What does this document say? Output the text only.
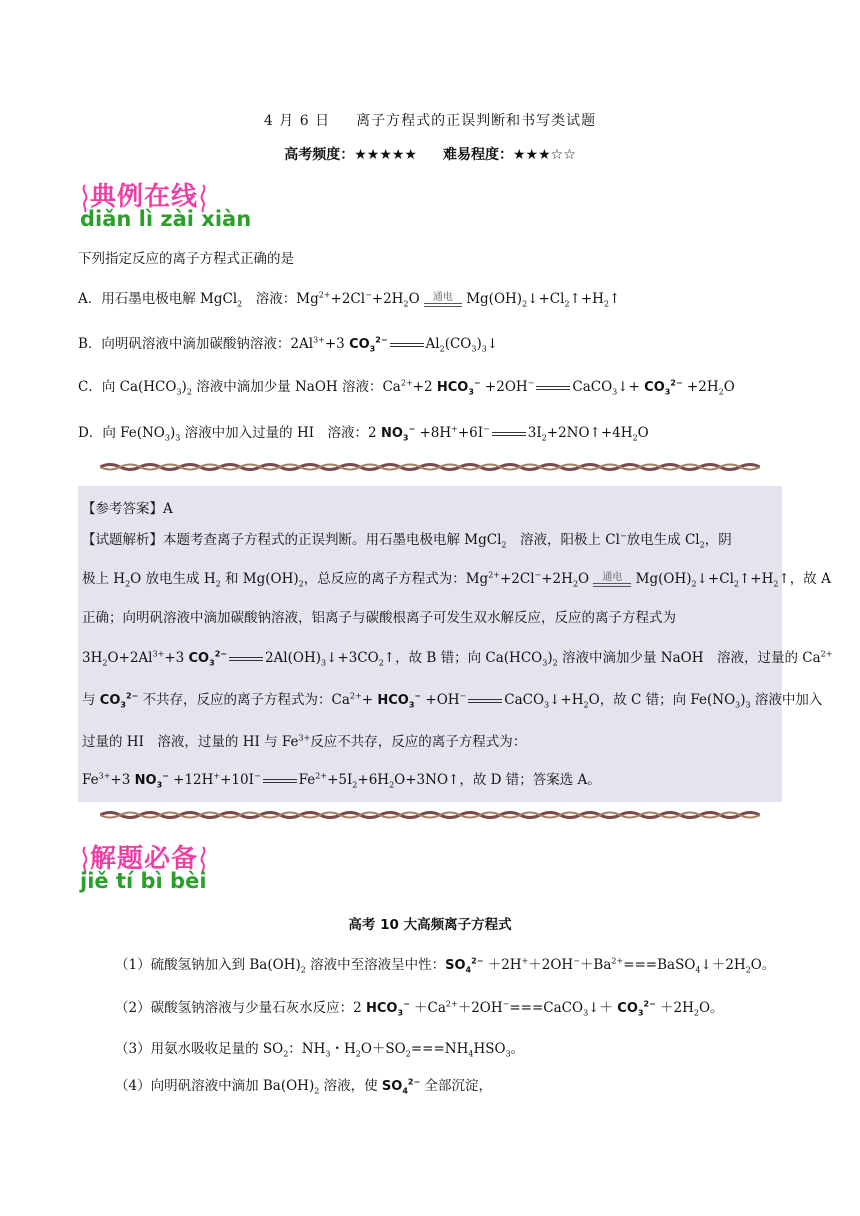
4 月 6 日 离子方程式的正误判断和书写类试题
高考频度：★★★★★ 难易程度：★★★☆☆
典例在线
diǎn lì zài xiàn
下列指定反应的离子方程式正确的是
A．用石墨电极电解 MgCl$_2$　溶液：$Mg^{2+}+2Cl^-+2H_2O$ 通电 $Mg(OH)_2↓+Cl_2↑+H_2↑$
B．向明矾溶液中滴加碳酸钠溶液：$2Al^{3+}+3$ $CO_3^{2-}$	$Al_2(CO_3)_3↓$
C．向 $Ca(HCO_3)_2$ 溶液中滴加少量 NaOH 溶液：$Ca^{2+}+2$ $HCO_3^- +2OH^-$	CaCO$_3$↓+ $CO_3^{2-} +2H_2O$
D．向 $Fe(NO_3)_3$ 溶液中加入过量的 HI　溶液：2 $NO_3^- +8H^++6I^-$	$3I_2+2NO↑+4H_2O$
【参考答案】A
【试题解析】本题考查离子方程式的正误判断。用石墨电极电解 MgCl$_2$　溶液，阳极上 Cl−放电生成 $Cl_2$，阴
极上 $H_2O$ 放电生成 $H_2$ 和 $Mg(OH)_2$，总反应的离子方程式为：$Mg^{2+}+2Cl^-+2H_2O$ 通电 $Mg(OH)_2↓+Cl_2↑+H_2↑$，故 A
正确；向明矾溶液中滴加碳酸钠溶液，铝离子与碳酸根离子可发生双水解反应，反应的离子方程式为
$3H_2O+2Al^{3+}+3$ $CO_3^{2-}$	$2Al(OH)_3↓+3CO_2↑$，故 B 错；向 $Ca(HCO_3)_2$ 溶液中滴加少量 NaOH　溶液，过量的 $Ca^{2+}$
与 $CO_3^{2-}$ 不共存，反应的离子方程式为：$Ca^{2+}+ HCO_3^- +OH^-$	$CaCO_3↓+H_2O$，故 C 错；向 $Fe(NO_3)_3$ 溶液中加入
过量的 HI　溶液，过量的 HI 与 $Fe^{3+}$反应不共存，反应的离子方程式为：
$Fe^{3+}+3$ $NO_3^- +12H^++10I^-$	$Fe^{2+}+5I_2+6H_2O+3NO↑$，故 D 错；答案选 A。
解题必备
jiě tí bì bèi
高考 10 大高频离子方程式
（1）硫酸氢钠加入到 $Ba(OH)_2$ 溶液中至溶液呈中性：$SO_4^{2-}$ $+2H^++2OH^-+Ba^{2+}===BaSO_4↓+2H_2O$。
（2）碳酸氢钠溶液与少量石灰水反应：2 $HCO_3^-$ $+Ca^{2+}+2OH^-===CaCO_3↓+ CO_3^{2-} +2H_2O$。
（3）用氨水吸收足量的 $SO_2$：$NH_3$・$H_2O+SO_2===NH_4HSO_3$。
（4）向明矾溶液中滴加 $Ba(OH)_2$ 溶液，使 $SO_4^{2-}$ 全部沉淀，
